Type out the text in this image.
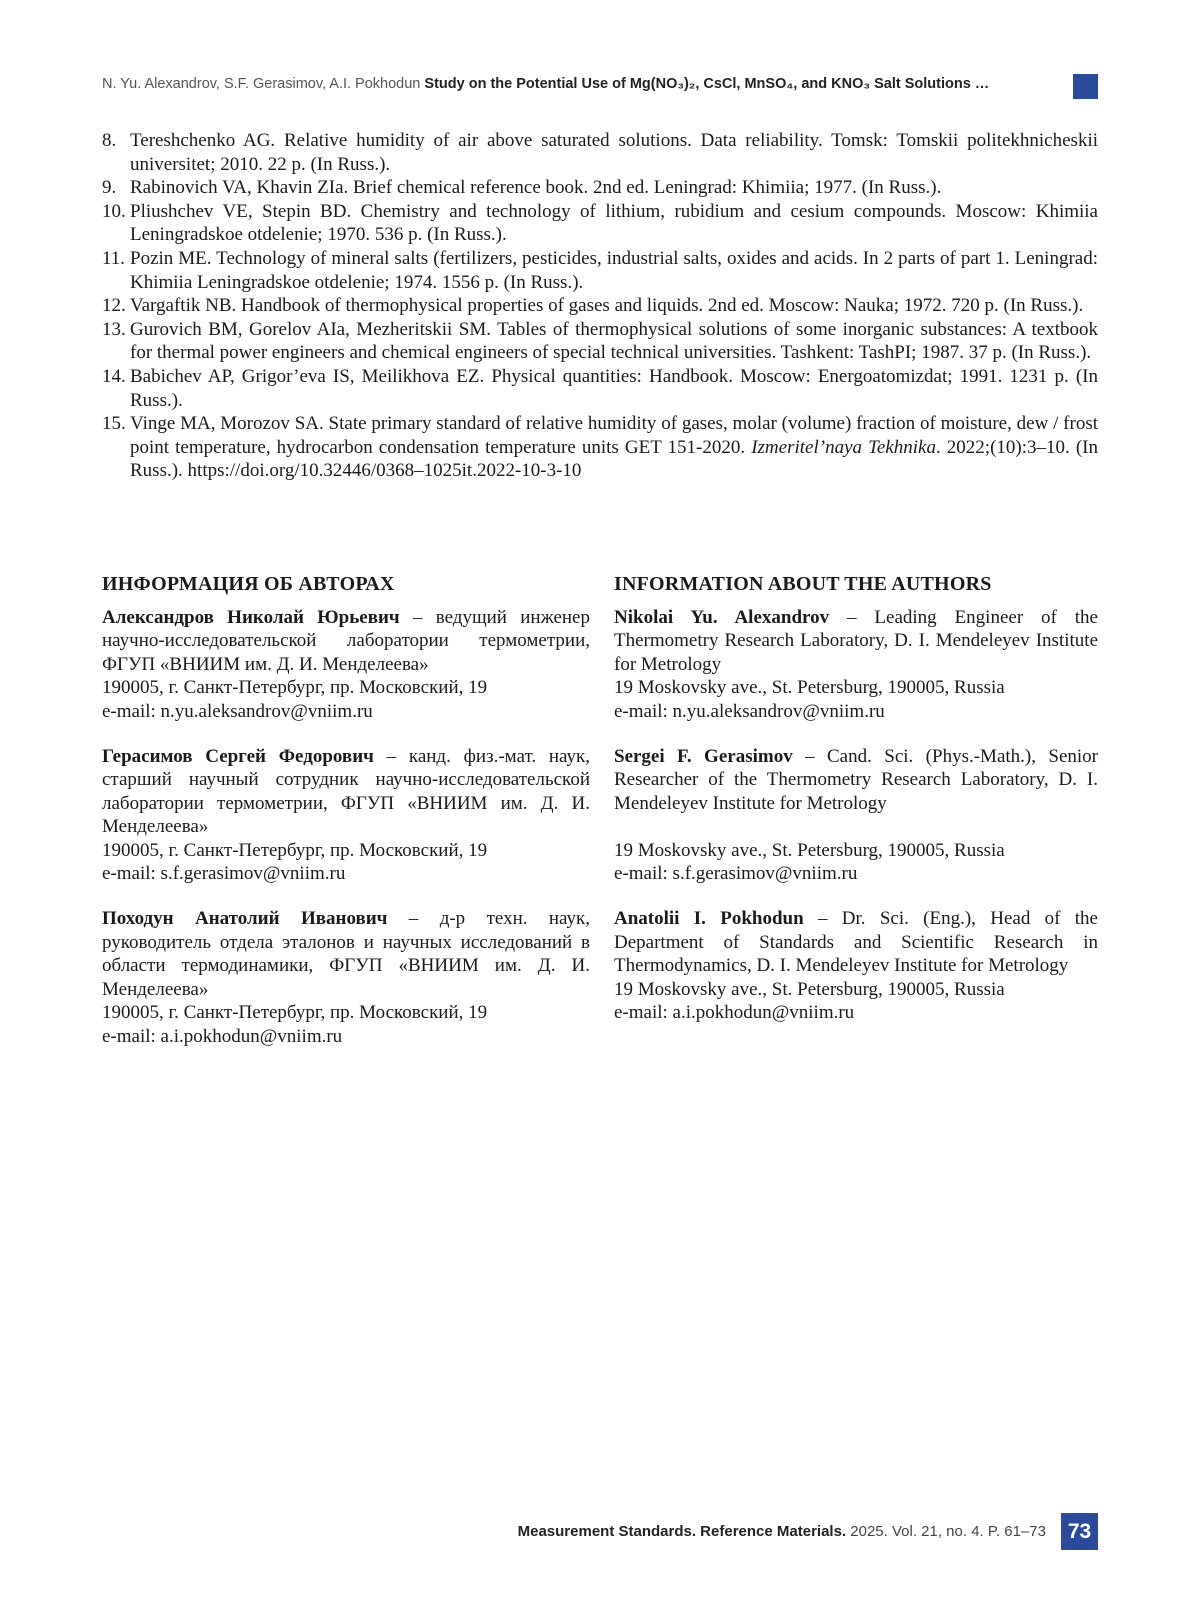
N. Yu. Alexandrov, S.F. Gerasimov, A.I. Pokhodun Study on the Potential Use of Mg(NO₃)₂, CsCl, MnSO₄, and KNO₃ Salt Solutions …
8. Tereshchenko AG. Relative humidity of air above saturated solutions. Data reliability. Tomsk: Tomskii politekhnicheskii universitet; 2010. 22 p. (In Russ.).
9. Rabinovich VA, Khavin ZIa. Brief chemical reference book. 2nd ed. Leningrad: Khimiia; 1977. (In Russ.).
10. Pliushchev VE, Stepin BD. Chemistry and technology of lithium, rubidium and cesium compounds. Moscow: Khimiia Leningradskoe otdelenie; 1970. 536 p. (In Russ.).
11. Pozin ME. Technology of mineral salts (fertilizers, pesticides, industrial salts, oxides and acids. In 2 parts of part 1. Leningrad: Khimiia Leningradskoe otdelenie; 1974. 1556 p. (In Russ.).
12. Vargaftik NB. Handbook of thermophysical properties of gases and liquids. 2nd ed. Moscow: Nauka; 1972. 720 p. (In Russ.).
13. Gurovich BM, Gorelov AIa, Mezheritskii SM. Tables of thermophysical solutions of some inorganic substances: A textbook for thermal power engineers and chemical engineers of special technical universities. Tashkent: TashPI; 1987. 37 p. (In Russ.).
14. Babichev AP, Grigor’eva IS, Meilikhova EZ. Physical quantities: Handbook. Moscow: Energoatomizdat; 1991. 1231 p. (In Russ.).
15. Vinge MA, Morozov SA. State primary standard of relative humidity of gases, molar (volume) fraction of moisture, dew / frost point temperature, hydrocarbon condensation temperature units GET 151-2020. Izmeritel’naya Tekhnika. 2022;(10):3–10. (In Russ.). https://doi.org/10.32446/0368–1025it.2022-10-3-10
ИНФОРМАЦИЯ ОБ АВТОРАХ
Александров Николай Юрьевич – ведущий инженер научно-исследовательской лаборатории термометрии, ФГУП «ВНИИМ им. Д. И. Менделеева»
190005, г. Санкт-Петербург, пр. Московский, 19
e-mail: n.yu.aleksandrov@vniim.ru
Герасимов Сергей Федорович – канд. физ.-мат. наук, старший научный сотрудник научно-исследовательской лаборатории термометрии, ФГУП «ВНИИМ им. Д. И. Менделеева»
190005, г. Санкт-Петербург, пр. Московский, 19
e-mail: s.f.gerasimov@vniim.ru
Походун Анатолий Иванович – д-р техн. наук, руководитель отдела эталонов и научных исследований в области термодинамики, ФГУП «ВНИИМ им. Д. И. Менделеева»
190005, г. Санкт-Петербург, пр. Московский, 19
e-mail: a.i.pokhodun@vniim.ru
INFORMATION ABOUT THE AUTHORS
Nikolai Yu. Alexandrov – Leading Engineer of the Thermometry Research Laboratory, D. I. Mendeleyev Institute for Metrology
19 Moskovsky ave., St. Petersburg, 190005, Russia
e-mail: n.yu.aleksandrov@vniim.ru
Sergei F. Gerasimov – Cand. Sci. (Phys.-Math.), Senior Researcher of the Thermometry Research Laboratory, D. I. Mendeleyev Institute for Metrology
19 Moskovsky ave., St. Petersburg, 190005, Russia
e-mail: s.f.gerasimov@vniim.ru
Anatolii I. Pokhodun – Dr. Sci. (Eng.), Head of the Department of Standards and Scientific Research in Thermodynamics, D. I. Mendeleyev Institute for Metrology
19 Moskovsky ave., St. Petersburg, 190005, Russia
e-mail: a.i.pokhodun@vniim.ru
Measurement Standards. Reference Materials. 2025. Vol. 21, no. 4. P. 61–73	73
